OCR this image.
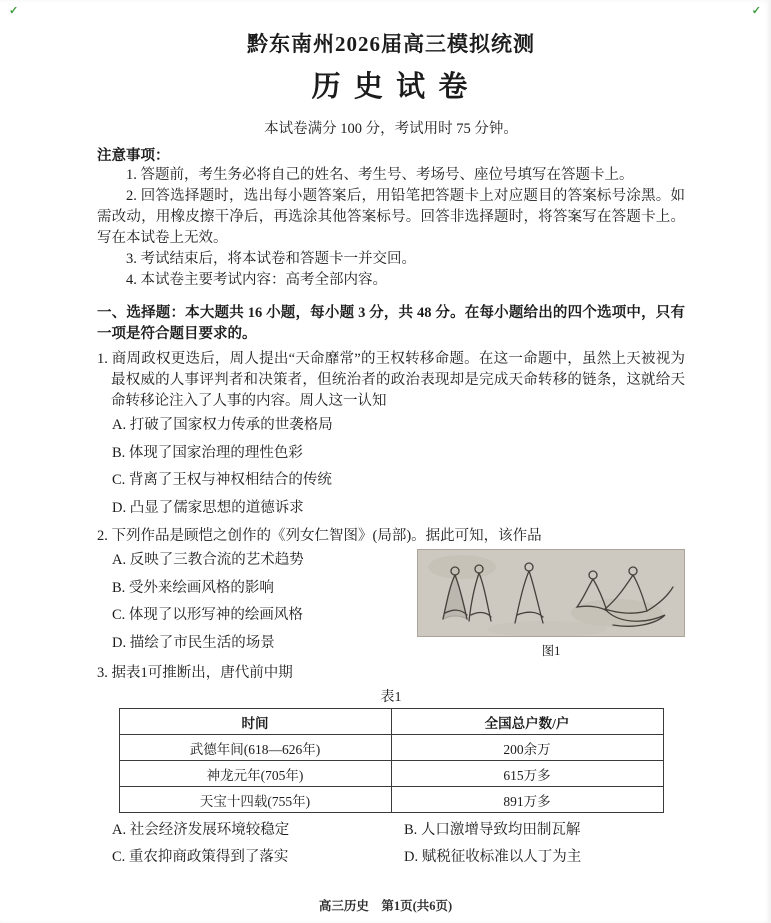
✓	✓
黔东南州2026届高三模拟统测
历 史 试 卷

本试卷满分 100 分，考试用时 75 分钟。

注意事项：

1. 答题前，考生务必将自己的姓名、考生号、考场号、座位号填写在答题卡上。

2. 回答选择题时，选出每小题答案后，用铅笔把答题卡上对应题目的答案标号涂黑。如需改动，用橡皮擦干净后，再选涂其他答案标号。回答非选择题时，将答案写在答题卡上。写在本试卷上无效。

3. 考试结束后，将本试卷和答题卡一并交回。

4. 本试卷主要考试内容：高考全部内容。

一、选择题：本大题共 16 小题，每小题 3 分，共 48 分。在每小题给出的四个选项中，只有一项是符合题目要求的。

1. 商周政权更迭后，周人提出“天命靡常”的王权转移命题。在这一命题中，虽然上天被视为最权威的人事评判者和决策者，但统治者的政治表现却是完成天命转移的链条，这就给天命转移论注入了人事的内容。周人这一认知

A. 打破了国家权力传承的世袭格局

B. 体现了国家治理的理性色彩

C. 背离了王权与神权相结合的传统

D. 凸显了儒家思想的道德诉求

2. 下列作品是顾恺之创作的《列女仁智图》(局部)。据此可知，该作品

A. 反映了三教合流的艺术趋势

B. 受外来绘画风格的影响

C. 体现了以形写神的绘画风格

D. 描绘了市民生活的场景

图1

3. 据表1可推断出，唐代前中期

表1

时间	全国总户数/户
武德年间(618—626年)	200余万
神龙元年(705年)	615万多
天宝十四载(755年)	891万多

A. 社会经济发展环境较稳定	B. 人口激增导致均田制瓦解

C. 重农抑商政策得到了落实	D. 赋税征收标准以人丁为主

高三历史　第1页(共6页)
